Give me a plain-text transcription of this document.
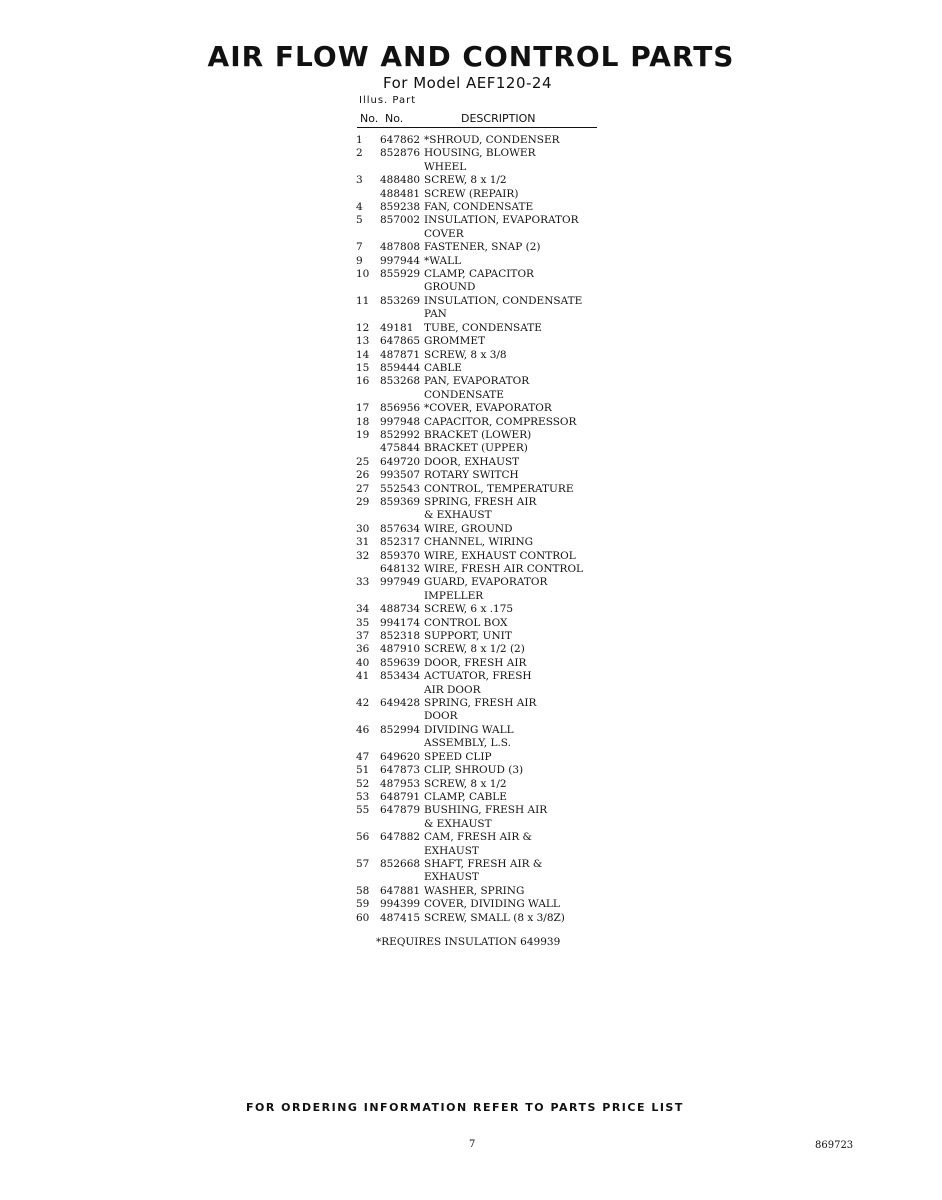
AIR FLOW AND CONTROL PARTS
For Model AEF120-24
Illus. Part
No. No.	DESCRIPTION
1	647862 *SHROUD, CONDENSER
2	852876 HOUSING, BLOWER
WHEEL
3	488480 SCREW, 8 x 1/2
488481 SCREW (REPAIR)
4	859238 FAN, CONDENSATE
5	857002 INSULATION, EVAPORATOR
COVER
7	487808 FASTENER, SNAP (2)
9	997944 *WALL
10	855929 CLAMP, CAPACITOR
GROUND
11	853269 INSULATION, CONDENSATE
PAN
12	49181	TUBE, CONDENSATE
13	647865 GROMMET
14	487871 SCREW, 8 x 3/8
15	859444 CABLE
16	853268 PAN, EVAPORATOR
CONDENSATE
17	856956 *COVER, EVAPORATOR
18	997948 CAPACITOR, COMPRESSOR
19	852992 BRACKET (LOWER)
475844 BRACKET (UPPER)
25	649720 DOOR, EXHAUST
26	993507 ROTARY SWITCH
27	552543 CONTROL, TEMPERATURE
29	859369 SPRING, FRESH AIR
& EXHAUST
30	857634 WIRE, GROUND
31	852317 CHANNEL, WIRING
32	859370 WIRE, EXHAUST CONTROL
648132 WIRE, FRESH AIR CONTROL
33	997949 GUARD, EVAPORATOR
IMPELLER
34	488734 SCREW, 6 x .175
35	994174 CONTROL BOX
37	852318 SUPPORT, UNIT
36	487910 SCREW, 8 x 1/2 (2)
40	859639 DOOR, FRESH AIR
41	853434 ACTUATOR, FRESH
AIR DOOR
42	649428 SPRING, FRESH AIR
DOOR
46	852994 DIVIDING WALL
ASSEMBLY, L.S.
47	649620 SPEED CLIP
51	647873 CLIP, SHROUD (3)
52	487953 SCREW, 8 x 1/2
53	648791 CLAMP, CABLE
55	647879 BUSHING, FRESH AIR
& EXHAUST
56	647882 CAM, FRESH AIR &
EXHAUST
57	852668 SHAFT, FRESH AIR &
EXHAUST
58	647881 WASHER, SPRING
59	994399 COVER, DIVIDING WALL
60	487415 SCREW, SMALL (8 x 3/8Z)
*REQUIRES INSULATION 649939
FOR ORDERING INFORMATION REFER TO PARTS PRICE LIST
7	869723
